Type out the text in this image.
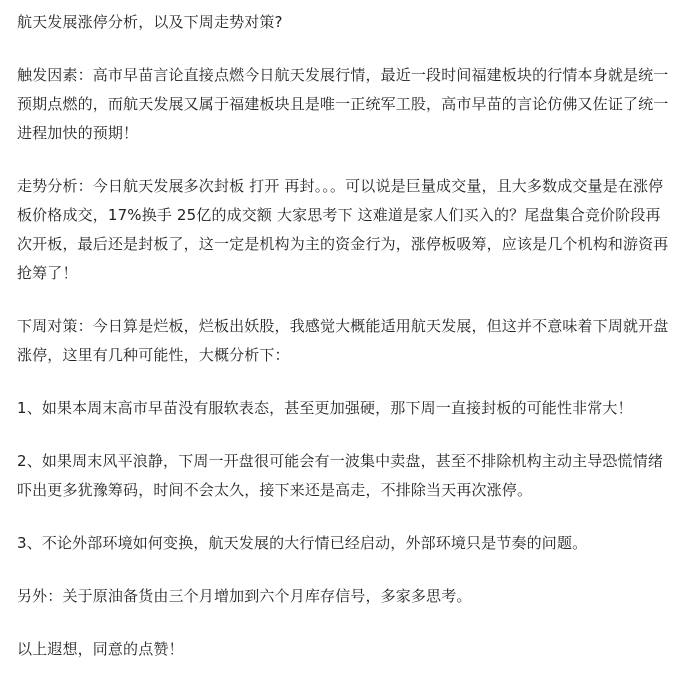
航天发展涨停分析，以及下周走势对策?

触发因素：高市早苗言论直接点燃今日航天发展行情，最近一段时间福建板块的行情本身就是统一预期点燃的，而航天发展又属于福建板块且是唯一正统军工股，高市早苗的言论仿佛又佐证了统一进程加快的预期！

走势分析：今日航天发展多次封板 打开 再封。。。可以说是巨量成交量，且大多数成交量是在涨停板价格成交，17%换手 25亿的成交额 大家思考下 这难道是家人们买入的？尾盘集合竞价阶段再次开板，最后还是封板了，这一定是机构为主的资金行为，涨停板吸筹，应该是几个机构和游资再抢筹了！

下周对策：今日算是烂板，烂板出妖股，我感觉大概能适用航天发展，但这并不意味着下周就开盘涨停，这里有几种可能性，大概分析下：

1、如果本周末高市早苗没有服软表态，甚至更加强硬，那下周一直接封板的可能性非常大！

2、如果周末风平浪静，下周一开盘很可能会有一波集中卖盘，甚至不排除机构主动主导恐慌情绪吓出更多犹豫筹码，时间不会太久，接下来还是高走，不排除当天再次涨停。

3、不论外部环境如何变换，航天发展的大行情已经启动，外部环境只是节奏的问题。

另外：关于原油备货由三个月增加到六个月库存信号，多家多思考。

以上遐想，同意的点赞！
